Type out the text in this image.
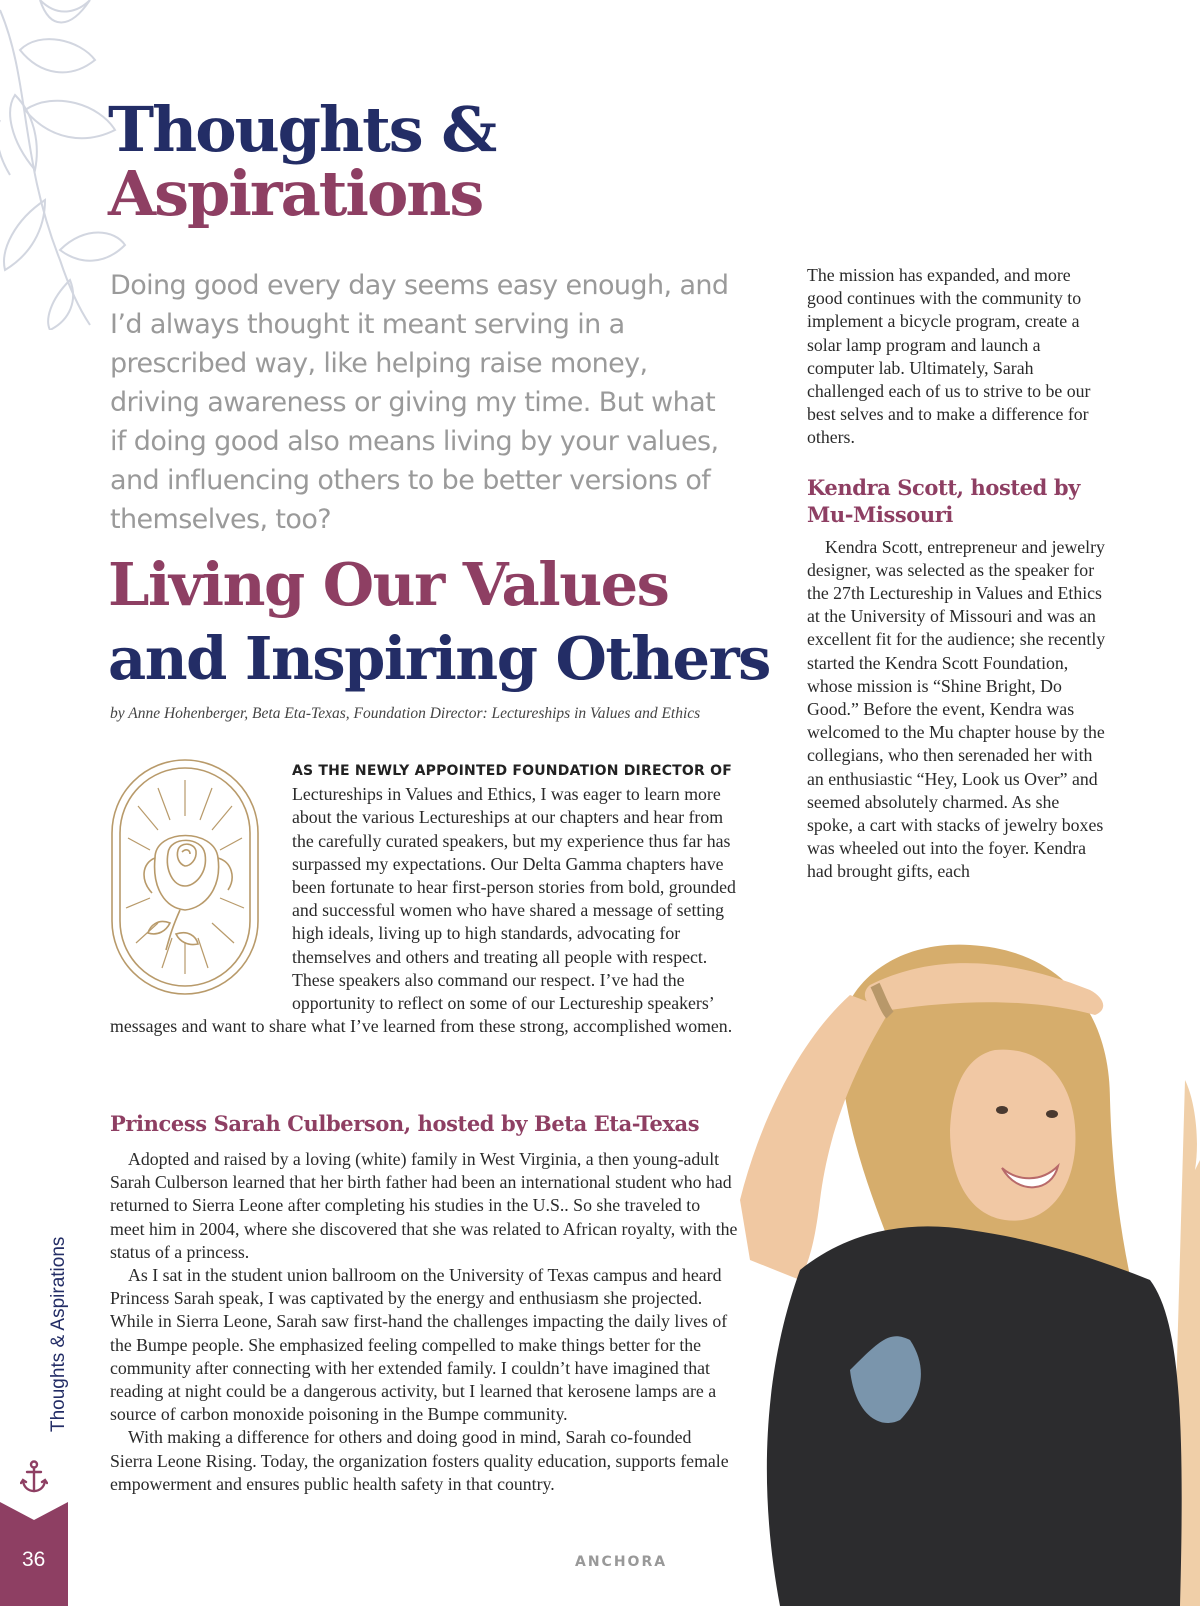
Thoughts &
Aspirations

Doing good every day seems easy enough, and I’d always thought it meant serving in a prescribed way, like helping raise money, driving awareness or giving my time. But what if doing good also means living by your values, and influencing others to be better versions of themselves, too?

Living Our Values
and Inspiring Others

by Anne Hohenberger, Beta Eta-Texas, Foundation Director: Lectureships in Values and Ethics

AS THE NEWLY APPOINTED FOUNDATION DIRECTOR OF Lectureships in Values and Ethics, I was eager to learn more about the various Lectureships at our chapters and hear from the carefully curated speakers, but my experience thus far has surpassed my expectations. Our Delta Gamma chapters have been fortunate to hear first-person stories from bold, grounded and successful women who have shared a message of setting high ideals, living up to high standards, advocating for themselves and others and treating all people with respect. These speakers also command our respect. I’ve had the opportunity to reflect on some of our Lectureship speakers’ messages and want to share what I’ve learned from these strong, accomplished women.

Princess Sarah Culberson, hosted by Beta Eta-Texas

Adopted and raised by a loving (white) family in West Virginia, a then young-adult Sarah Culberson learned that her birth father had been an international student who had returned to Sierra Leone after completing his studies in the U.S.. So she traveled to meet him in 2004, where she discovered that she was related to African royalty, with the status of a princess.

As I sat in the student union ballroom on the University of Texas campus and heard Princess Sarah speak, I was captivated by the energy and enthusiasm she projected. While in Sierra Leone, Sarah saw first-hand the challenges impacting the daily lives of the Bumpe people. She emphasized feeling compelled to make things better for the community after connecting with her extended family. I couldn’t have imagined that reading at night could be a dangerous activity, but I learned that kerosene lamps are a source of carbon monoxide poisoning in the Bumpe community.

With making a difference for others and doing good in mind, Sarah co-founded Sierra Leone Rising. Today, the organization fosters quality education, supports female empowerment and ensures public health safety in that country.

The mission has expanded, and more good continues with the community to implement a bicycle program, create a solar lamp program and launch a computer lab. Ultimately, Sarah challenged each of us to strive to be our best selves and to make a difference for others.

Kendra Scott, hosted by Mu-Missouri

Kendra Scott, entrepreneur and jewelry designer, was selected as the speaker for the 27th Lectureship in Values and Ethics at the University of Missouri and was an excellent fit for the audience; she recently started the Kendra Scott Foundation, whose mission is “Shine Bright, Do Good.” Before the event, Kendra was welcomed to the Mu chapter house by the collegians, who then serenaded her with an enthusiastic “Hey, Look us Over” and seemed absolutely charmed. As she spoke, a cart with stacks of jewelry boxes was wheeled out into the foyer. Kendra had brought gifts, each

Thoughts & Aspirations

36	ANCHORA
